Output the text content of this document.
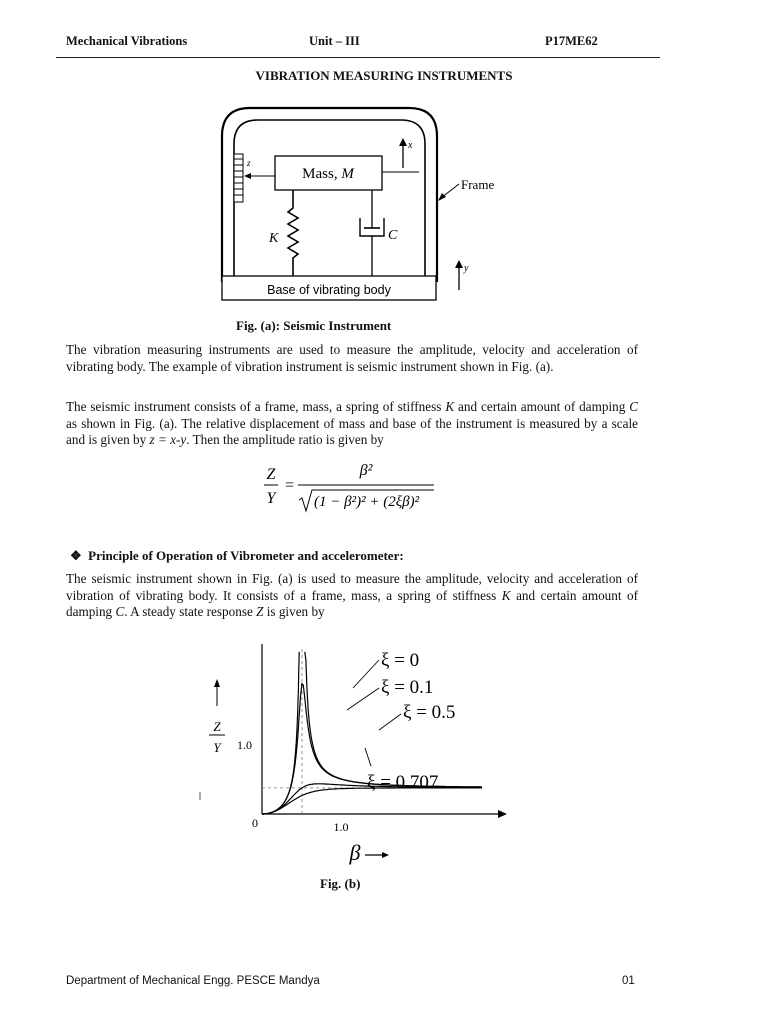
Mechanical Vibrations	Unit – III	P17ME62
VIBRATION MEASURING INSTRUMENTS
Base of vibrating body
z
Mass, M
K	C
x
y
Frame
Fig. (a): Seismic Instrument
The vibration measuring instruments are used to measure the amplitude, velocity and acceleration of vibrating body. The example of vibration instrument is seismic instrument shown in Fig. (a).
The seismic instrument consists of a frame, mass, a spring of stiffness K and certain amount of damping C as shown in Fig. (a). The relative displacement of mass and base of the instrument is measured by a scale and is given by z = x-y. Then the amplitude ratio is given by
Z
Y
=
β²
(1 − β²)² + (2ξβ)²
❖ Principle of Operation of Vibrometer and accelerometer:
The seismic instrument shown in Fig. (a) is used to measure the amplitude, velocity and acceleration of vibration of vibrating body. It consists of a frame, mass, a spring of stiffness K and certain amount of damping C. A steady state response Z is given by
Z
Y 1.0
0	1.0
β
ξ = 0
ξ = 0.1
ξ = 0.5
ξ = 0.707
Fig. (b)
Department of Mechanical Engg. PESCE Mandya	01
